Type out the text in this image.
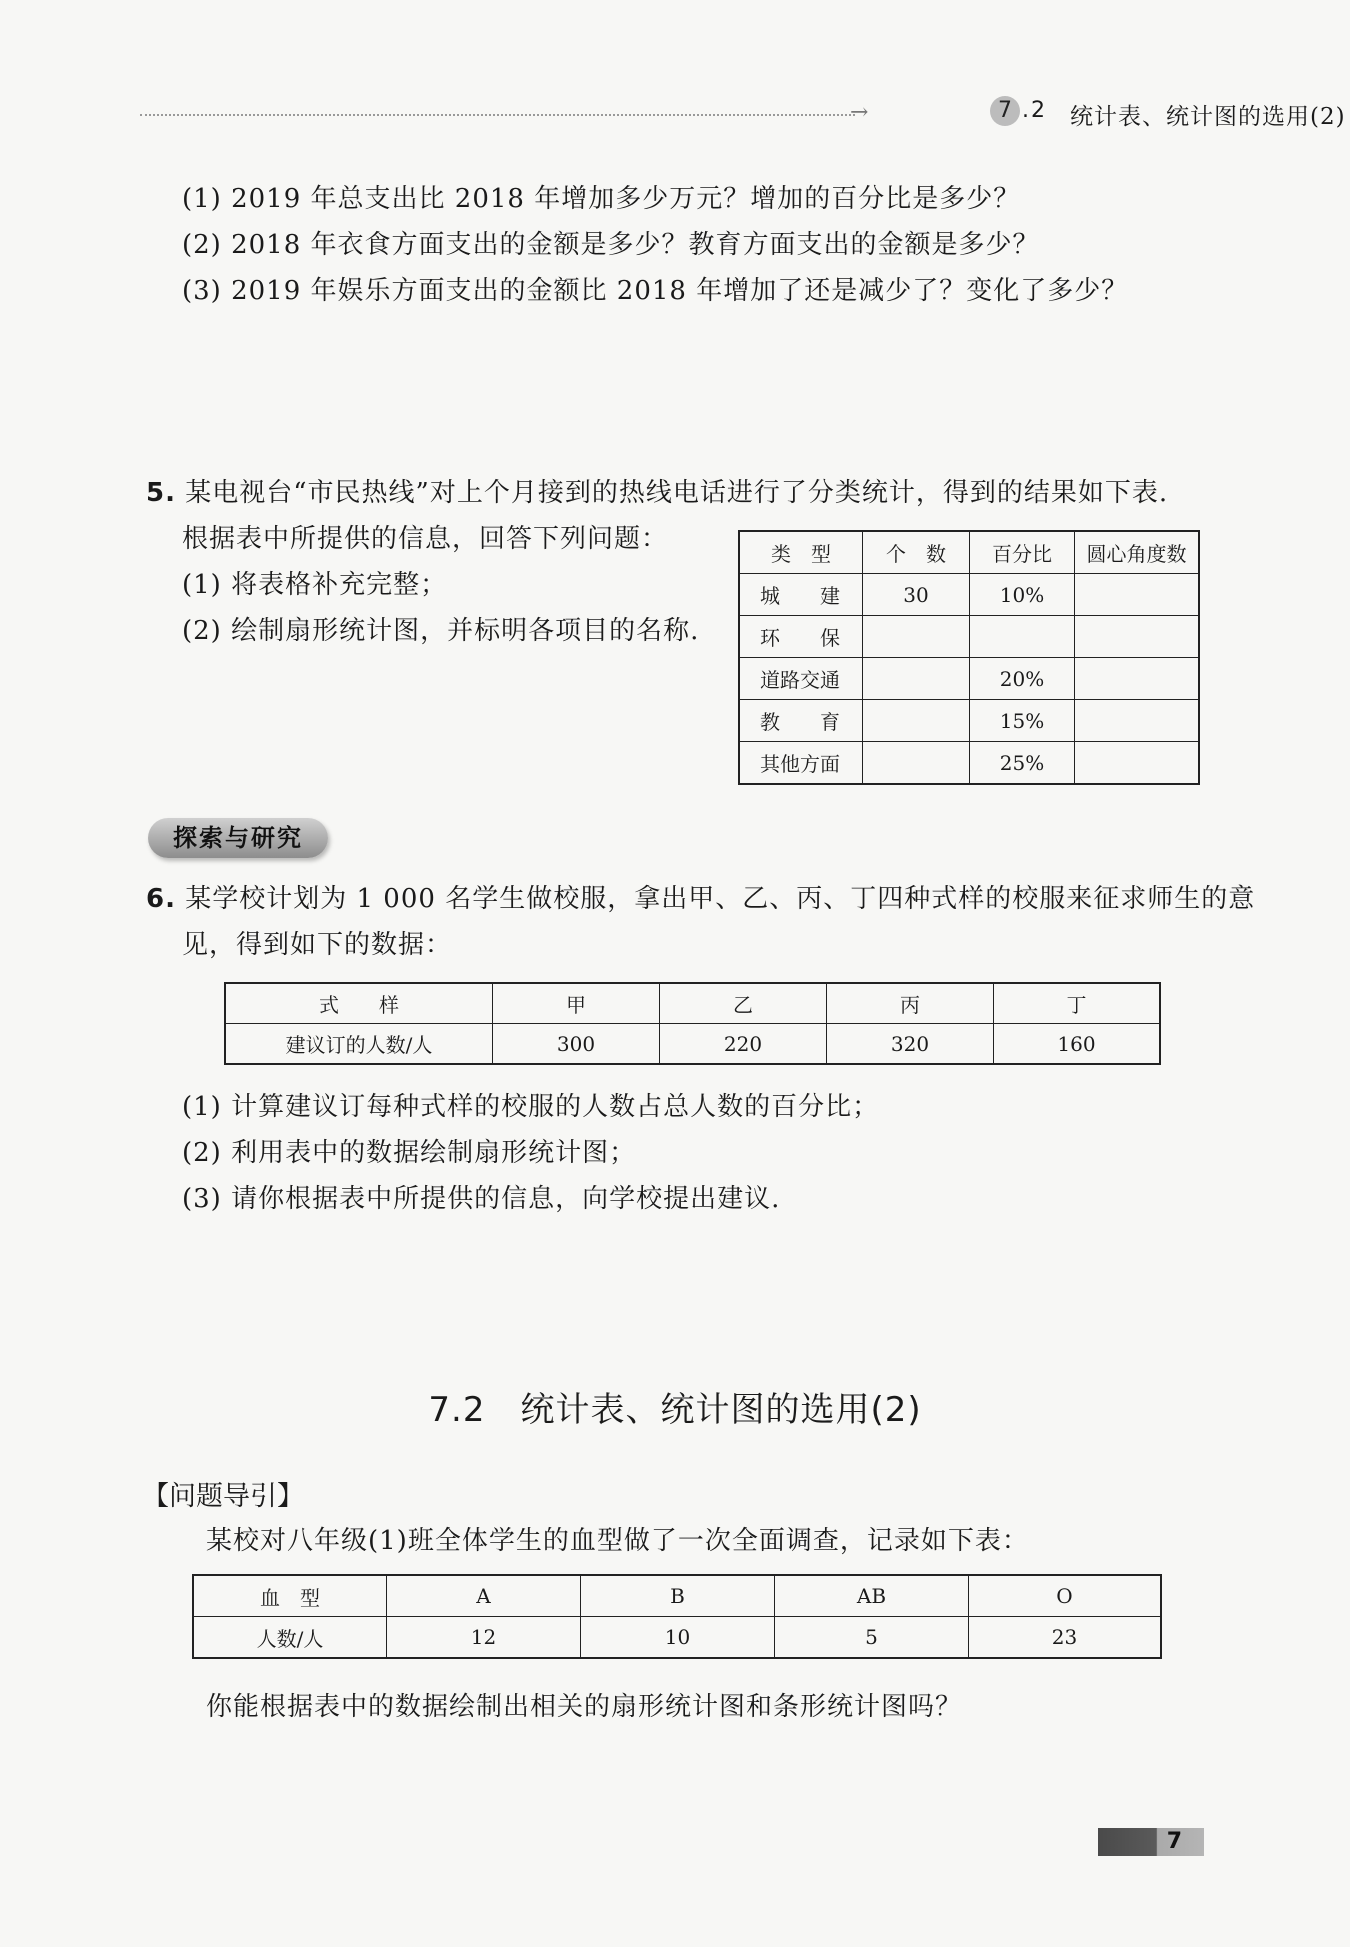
→	7 .2 统计表、统计图的选用(2)
(1) 2019 年总支出比 2018 年增加多少万元？增加的百分比是多少？
(2) 2018 年衣食方面支出的金额是多少？教育方面支出的金额是多少？
(3) 2019 年娱乐方面支出的金额比 2018 年增加了还是减少了？变化了多少？
5. 某电视台“市民热线”对上个月接到的热线电话进行了分类统计，得到的结果如下表.
根据表中所提供的信息，回答下列问题：
(1) 将表格补充完整；
(2) 绘制扇形统计图，并标明各项目的名称.
类　型	个　数	百分比	圆心角度数
城　　建	30	10%	
环　　保			
道路交通		20%	
教　　育		15%	
其他方面		25%	
探索与研究
6. 某学校计划为 1 000 名学生做校服，拿出甲、乙、丙、丁四种式样的校服来征求师生的意
见，得到如下的数据：
式　　样	甲	乙	丙	丁
建议订的人数/人	300	220	320	160
(1) 计算建议订每种式样的校服的人数占总人数的百分比；
(2) 利用表中的数据绘制扇形统计图；
(3) 请你根据表中所提供的信息，向学校提出建议.
7.2　统计表、统计图的选用(2)
【问题导引】
某校对八年级(1)班全体学生的血型做了一次全面调查，记录如下表：
血　型	A	B	AB	O
人数/人	12	10	5	23
你能根据表中的数据绘制出相关的扇形统计图和条形统计图吗？
7
